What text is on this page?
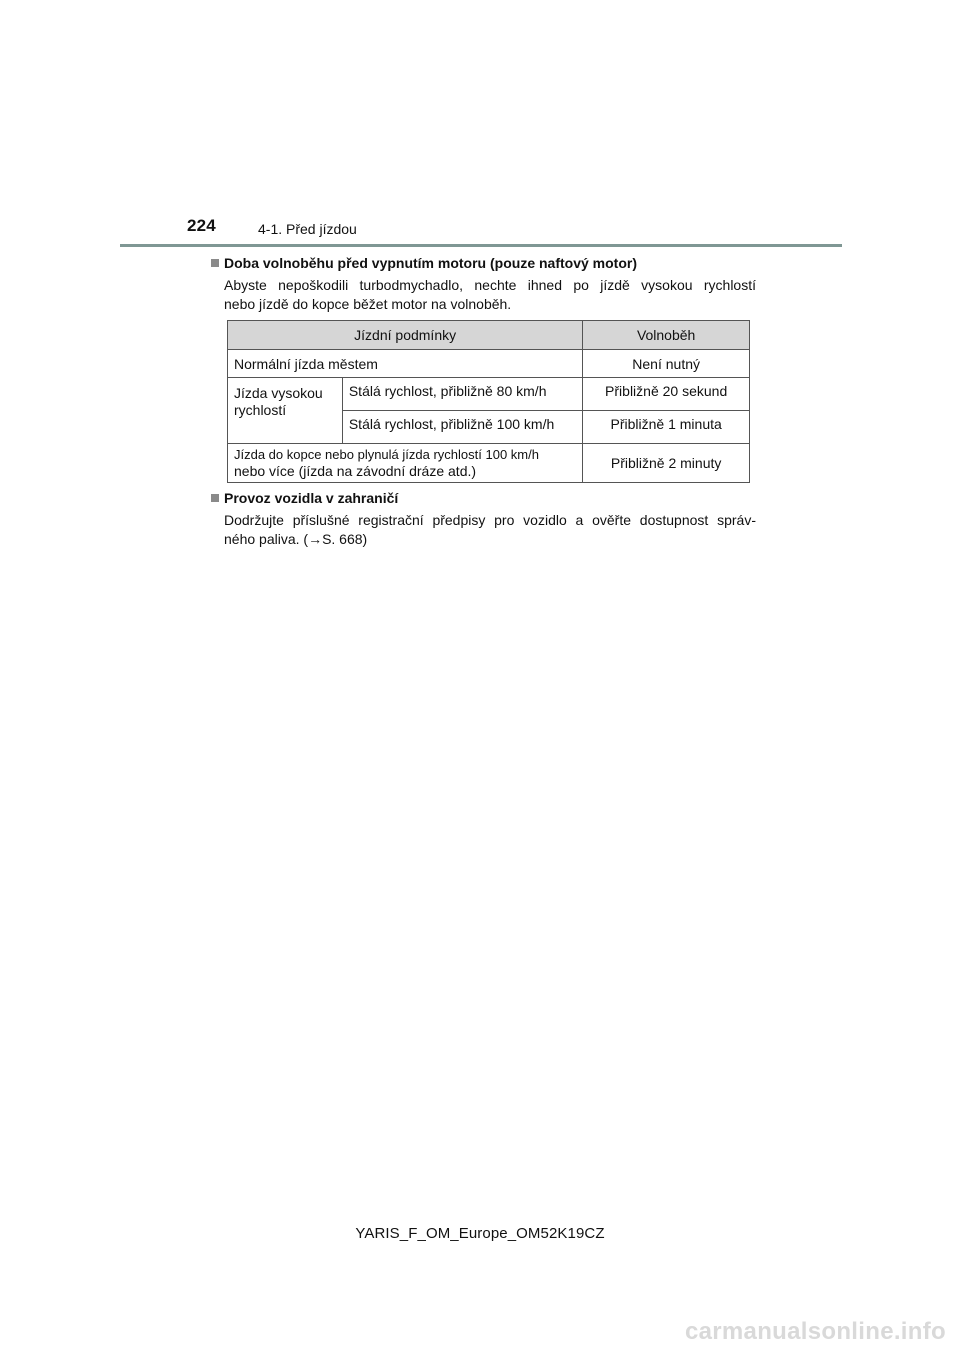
224	4-1. Před jízdou
Doba volnoběhu před vypnutím motoru (pouze naftový motor)
Abyste nepoškodili turbodmychadlo, nechte ihned po jízdě vysokou rychlostí
nebo jízdě do kopce běžet motor na volnoběh.
Jízdní podmínky		Volnoběh
Normální jízda městem		Není nutný
Jízda vysokou rychlostí	Stálá rychlost, přibližně 80 km/h	Přibližně 20 sekund
	Stálá rychlost, přibližně 100 km/h	Přibližně 1 minuta

Jízda do kopce nebo plynulá jízda rychlostí 100 km/h
nebo více (jízda na závodní dráze atd.)		Přibližně 2 minuty
Provoz vozidla v zahraničí
Dodržujte příslušné registrační předpisy pro vozidlo a ověřte dostupnost správ-
ného paliva. (→S. 668)
YARIS_F_OM_Europe_OM52K19CZ
carmanualsonline.info
